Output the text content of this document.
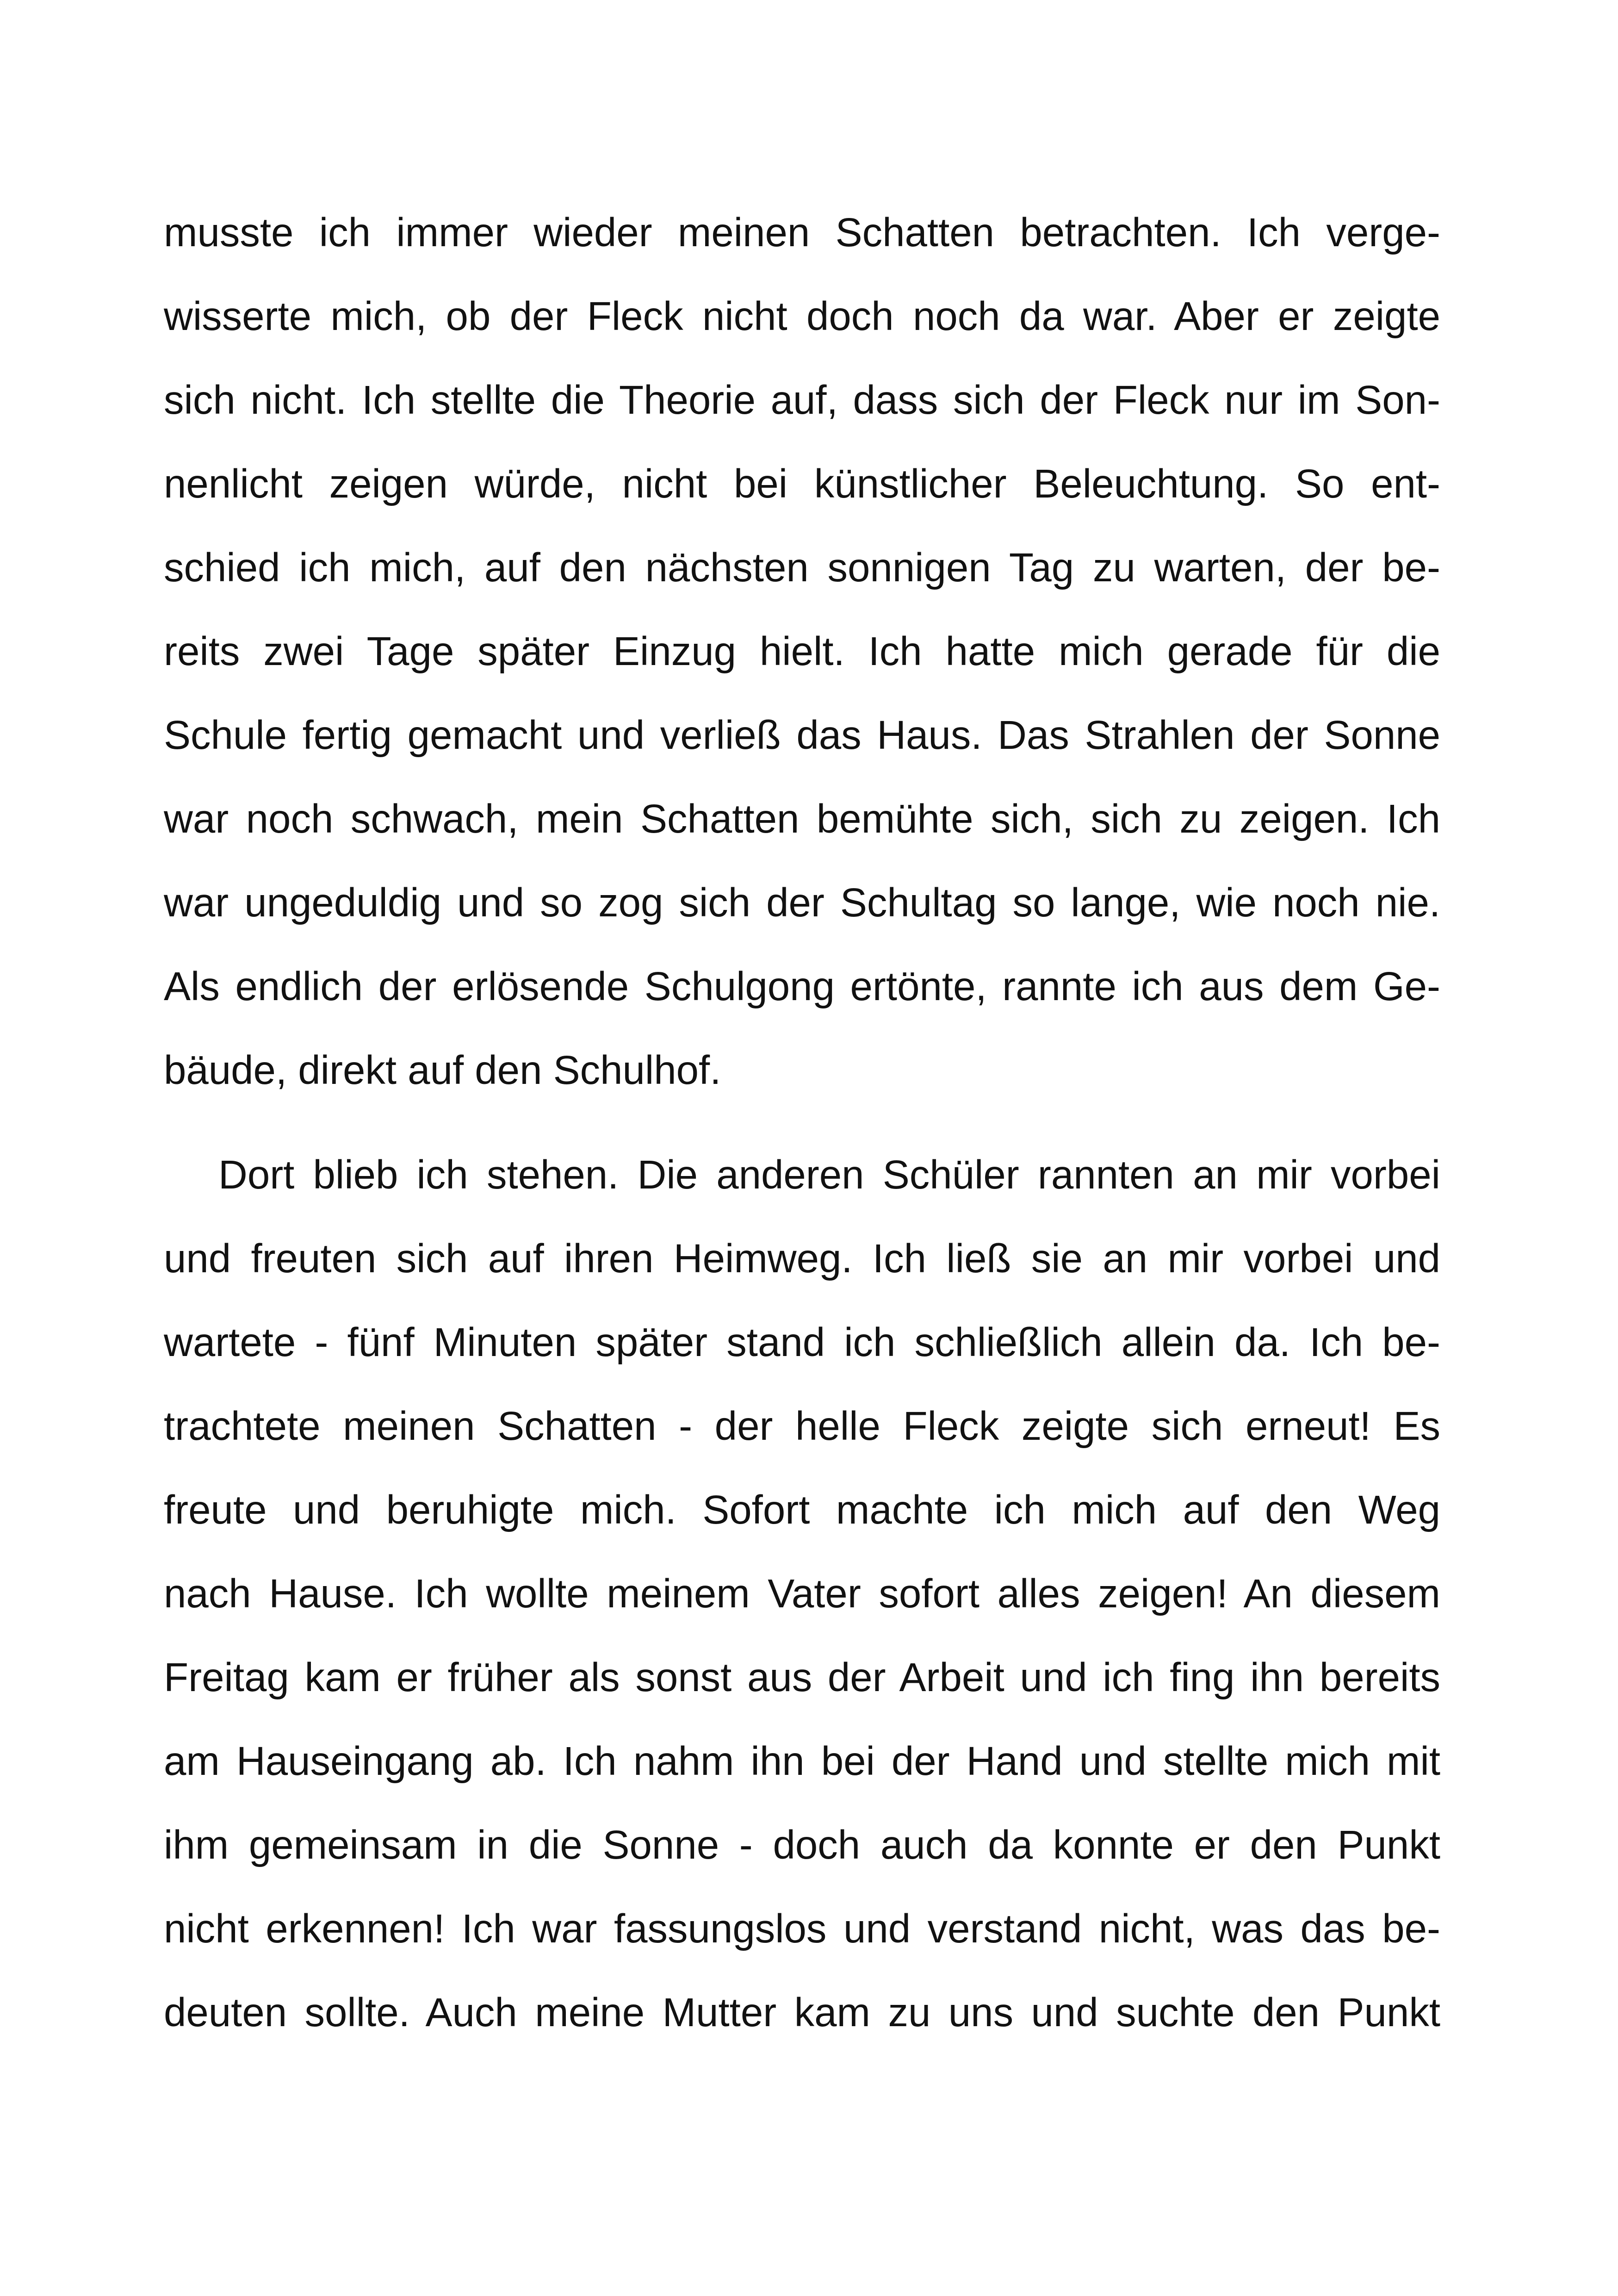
musste ich immer wieder meinen Schatten betrachten. Ich verge-
wisserte mich, ob der Fleck nicht doch noch da war. Aber er zeigte
sich nicht. Ich stellte die Theorie auf, dass sich der Fleck nur im Son-
nenlicht zeigen würde, nicht bei künstlicher Beleuchtung. So ent-
schied ich mich, auf den nächsten sonnigen Tag zu warten, der be-
reits zwei Tage später Einzug hielt. Ich hatte mich gerade für die
Schule fertig gemacht und verließ das Haus. Das Strahlen der Sonne
war noch schwach, mein Schatten bemühte sich, sich zu zeigen. Ich
war ungeduldig und so zog sich der Schultag so lange, wie noch nie.
Als endlich der erlösende Schulgong ertönte, rannte ich aus dem Ge-
bäude, direkt auf den Schulhof.
Dort blieb ich stehen. Die anderen Schüler rannten an mir vorbei
und freuten sich auf ihren Heimweg. Ich ließ sie an mir vorbei und
wartete - fünf Minuten später stand ich schließlich allein da. Ich be-
trachtete meinen Schatten - der helle Fleck zeigte sich erneut! Es
freute und beruhigte mich. Sofort machte ich mich auf den Weg
nach Hause. Ich wollte meinem Vater sofort alles zeigen! An diesem
Freitag kam er früher als sonst aus der Arbeit und ich fing ihn bereits
am Hauseingang ab. Ich nahm ihn bei der Hand und stellte mich mit
ihm gemeinsam in die Sonne - doch auch da konnte er den Punkt
nicht erkennen! Ich war fassungslos und verstand nicht, was das be-
deuten sollte. Auch meine Mutter kam zu uns und suchte den Punkt
